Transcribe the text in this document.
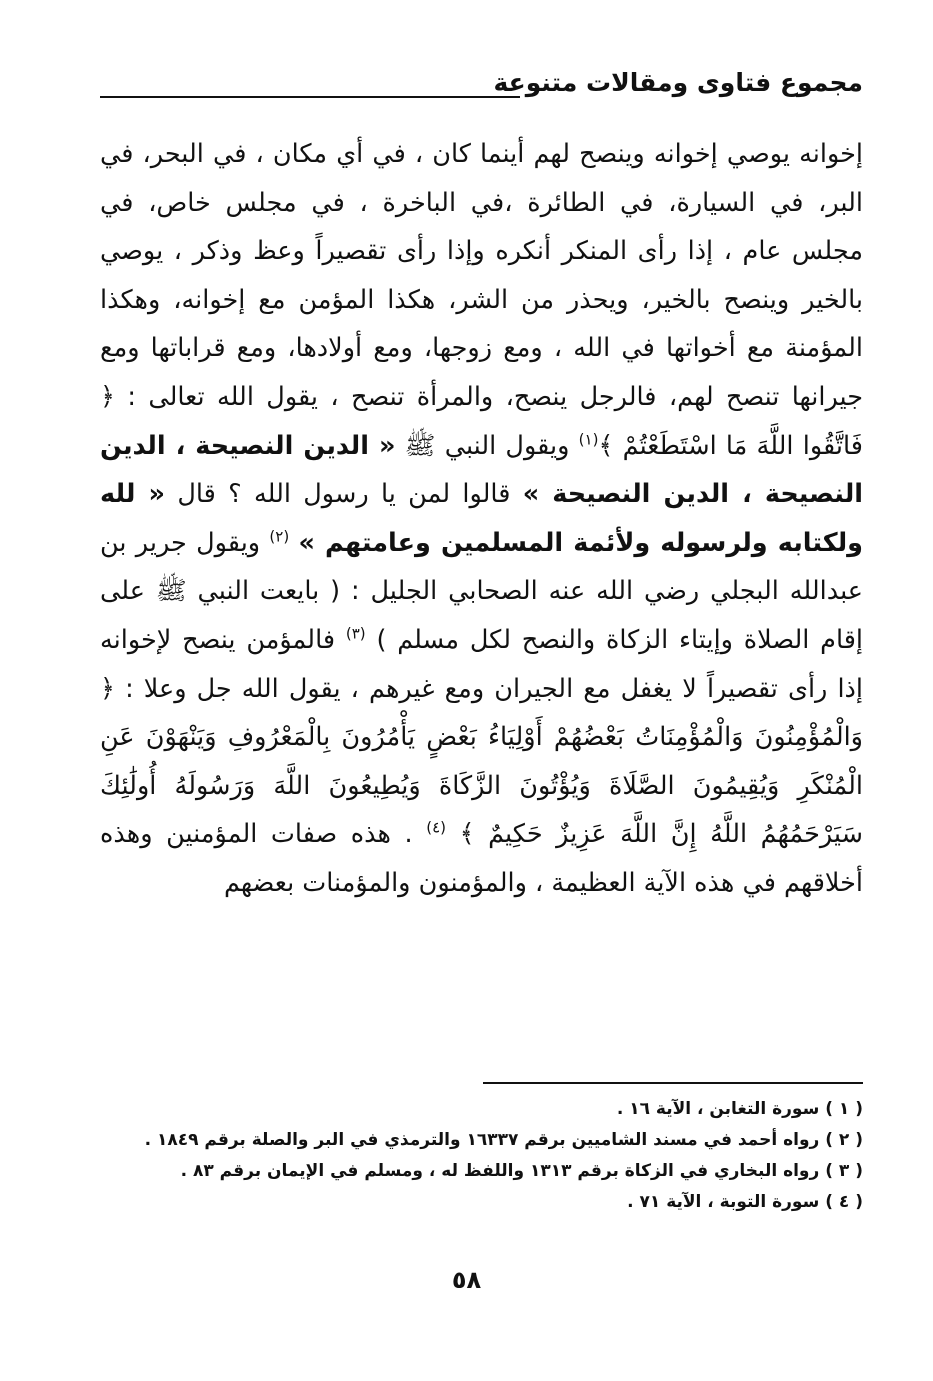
مجموع فتاوى ومقالات متنوعة

إخوانه يوصي إخوانه وينصح لهم أينما كان ، في أي مكان ، في البحر، في البر، في السيارة، في الطائرة ،في الباخرة ، في مجلس خاص، في مجلس عام ، إذا رأى المنكر أنكره وإذا رأى تقصيراً وعظ وذكر ، يوصي بالخير وينصح بالخير، ويحذر من الشر، هكذا المؤمن مع إخوانه، وهكذا المؤمنة مع أخواتها في الله ، ومع زوجها، ومع أولادها، ومع قراباتها ومع جيرانها تنصح لهم، فالرجل ينصح، والمرأة تنصح ، يقول الله تعالى : ﴿ فَاتَّقُوا اللَّهَ مَا اسْتَطَعْتُمْ ﴾$^{(١)}$ ويقول النبي ﷺ « الدين النصيحة ، الدين النصيحة ، الدين النصيحة » قالوا لمن يا رسول الله ؟ قال « لله ولكتابه ولرسوله ولأئمة المسلمين وعامتهم » $^{(٢)}$ ويقول جرير بن عبدالله البجلي رضي الله عنه الصحابي الجليل : ( بايعت النبي ﷺ على إقام الصلاة وإيتاء الزكاة والنصح لكل مسلم ) $^{(٣)}$ فالمؤمن ينصح لإخوانه إذا رأى تقصيراً لا يغفل مع الجيران ومع غيرهم ، يقول الله جل وعلا : ﴿ وَالْمُؤْمِنُونَ وَالْمُؤْمِنَاتُ بَعْضُهُمْ أَوْلِيَاءُ بَعْضٍ يَأْمُرُونَ بِالْمَعْرُوفِ وَيَنْهَوْنَ عَنِ الْمُنْكَرِ وَيُقِيمُونَ الصَّلَاةَ وَيُؤْتُونَ الزَّكَاةَ وَيُطِيعُونَ اللَّهَ وَرَسُولَهُ أُولَٰئِكَ سَيَرْحَمُهُمُ اللَّهُ إِنَّ اللَّهَ عَزِيزٌ حَكِيمٌ ﴾ $^{(٤)}$ . هذه صفات المؤمنين وهذه أخلاقهم في هذه الآية العظيمة ، والمؤمنون والمؤمنات بعضهم

( ١ ) سورة التغابن ، الآية ١٦ .
( ٢ ) رواه أحمد في مسند الشاميين برقم ١٦٣٣٧ والترمذي في البر والصلة برقم ١٨٤٩ .
( ٣ ) رواه البخاري في الزكاة برقم ١٣١٣ واللفظ له ، ومسلم في الإيمان برقم ٨٣ .
( ٤ ) سورة التوبة ، الآية ٧١ .
٥٨
